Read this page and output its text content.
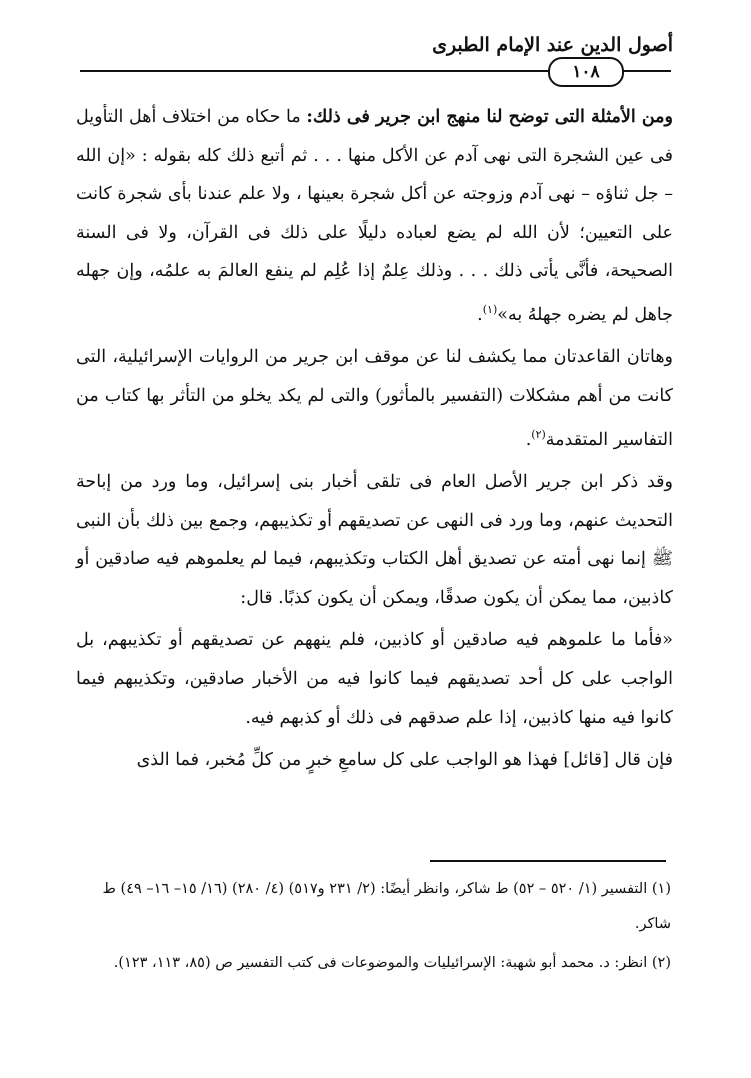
أصول الدين عند الإمام الطبرى
١٠٨

ومن الأمثلة التى توضح لنا منهج ابن جرير فى ذلك: ما حكاه من اختلاف أهل التأويل فى عين الشجرة التى نهى آدم عن الأكل منها . . . ثم أتبع ذلك كله بقوله : «إن الله – جل ثناؤه – نهى آدم وزوجته عن أكل شجرة بعينها ، ولا علم عندنا بأى شجرة كانت على التعيين؛ لأن الله لم يضع لعباده دليلًا على ذلك فى القرآن، ولا فى السنة الصحيحة، فأنَّى يأتى ذلك . . . وذلك عِلمٌ إذا عُلِم لم ينفع العالمَ به علمُه، وإن جهله جاهل لم يضره جهلهُ به»$^{(١)}$.

وهاتان القاعدتان مما يكشف لنا عن موقف ابن جرير من الروايات الإسرائيلية، التى كانت من أهم مشكلات (التفسير بالمأثور) والتى لم يكد يخلو من التأثر بها كتاب من التفاسير المتقدمة$^{(٢)}$.

وقد ذكر ابن جرير الأصل العام فى تلقى أخبار بنى إسرائيل، وما ورد من إباحة التحديث عنهم، وما ورد فى النهى عن تصديقهم أو تكذيبهم، وجمع بين ذلك بأن النبى ﷺ إنما نهى أمته عن تصديق أهل الكتاب وتكذيبهم، فيما لم يعلموهم فيه صادقين أو كاذبين، مما يمكن أن يكون صدقًا، ويمكن أن يكون كذبًا. قال:

«فأما ما علموهم فيه صادقين أو كاذبين، فلم ينههم عن تصديقهم أو تكذيبهم، بل الواجب على كل أحد تصديقهم فيما كانوا فيه من الأخبار صادقين، وتكذيبهم فيما كانوا فيه منها كاذبين، إذا علم صدقهم فى ذلك أو كذبهم فيه.

فإن قال [قائل] فهذا هو الواجب على كل سامعِ خبرٍ من كلِّ مُخبر، فما الذى

(١) التفسير (١/ ٥٢٠ – ٥٢) ط شاكر، وانظر أيضًا: (٢/ ٢٣١ و٥١٧) (٤/ ٢٨٠) (١٦/ ١٥– ١٦– ٤٩) ط شاكر.

(٢) انظر: د. محمد أبو شهبة: الإسرائيليات والموضوعات فى كتب التفسير ص (٨٥، ١١٣، ١٢٣).
